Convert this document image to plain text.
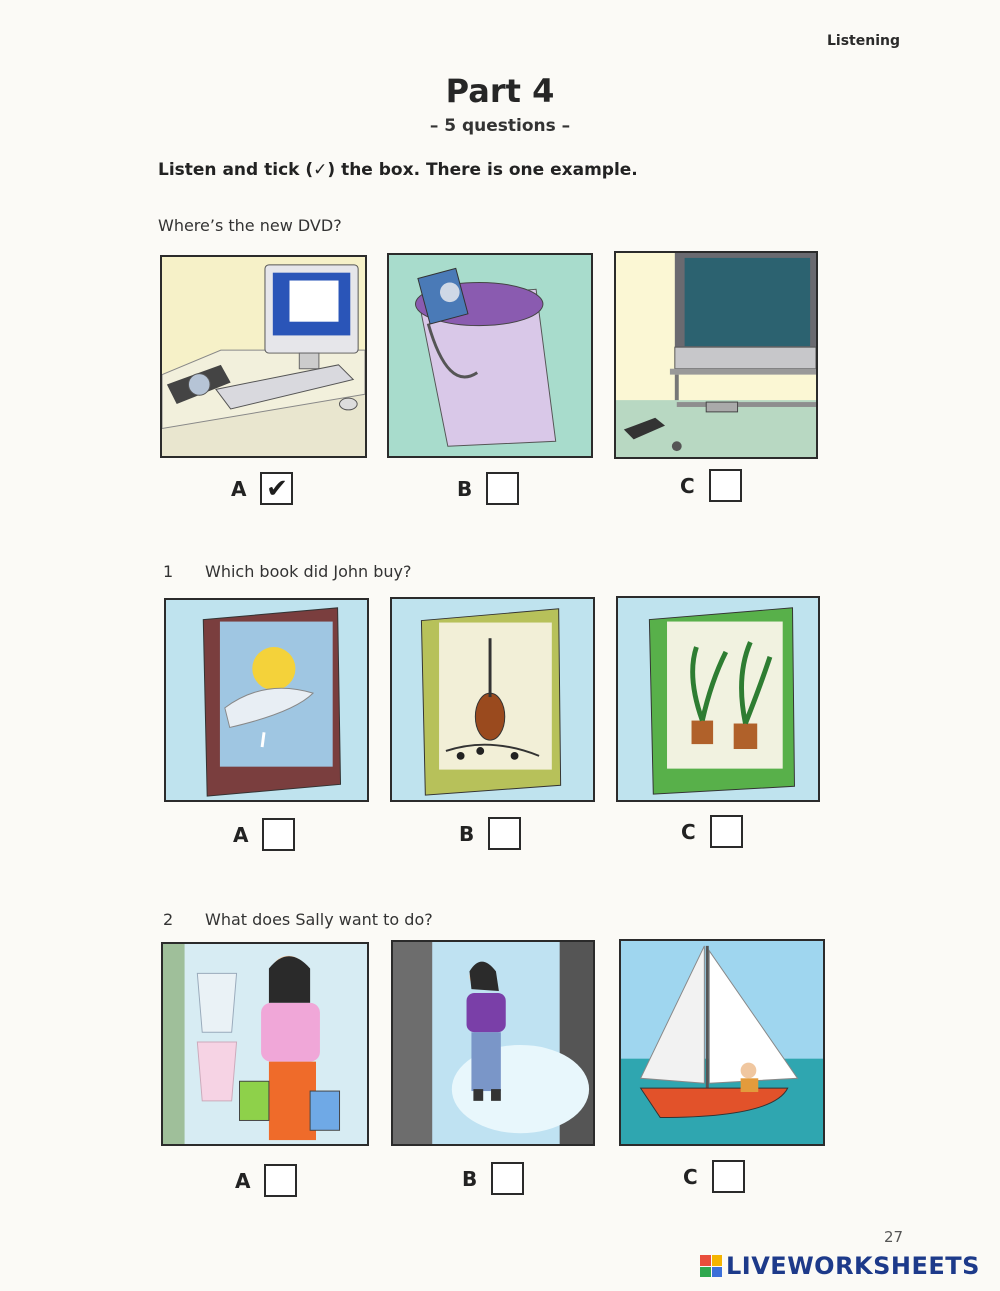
Listening
Part 4
– 5 questions –
Listen and tick (✓) the box. There is one example.
Where’s the new DVD?
A ✔	B	C
1 Which book did John buy?
A	B	C
2 What does Sally want to do?
A	B	C
27
LIVEWORKSHEETS
